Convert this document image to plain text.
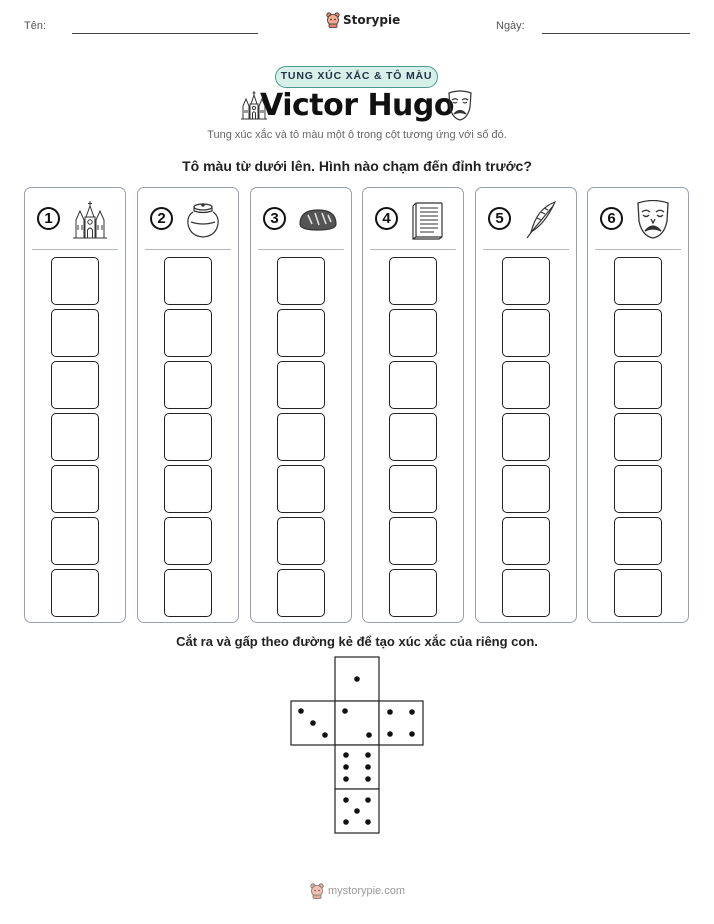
Tên:	Storypie	Ngày:
TUNG XÚC XẮC & TÔ MÀU
Victor Hugo
Tung xúc xắc và tô màu một ô trong cột tương ứng với số đó.
Tô màu từ dưới lên. Hình nào chạm đến đỉnh trước?
1	2	3	4	5	6
Cắt ra và gấp theo đường kẻ để tạo xúc xắc của riêng con.
mystorypie.com
